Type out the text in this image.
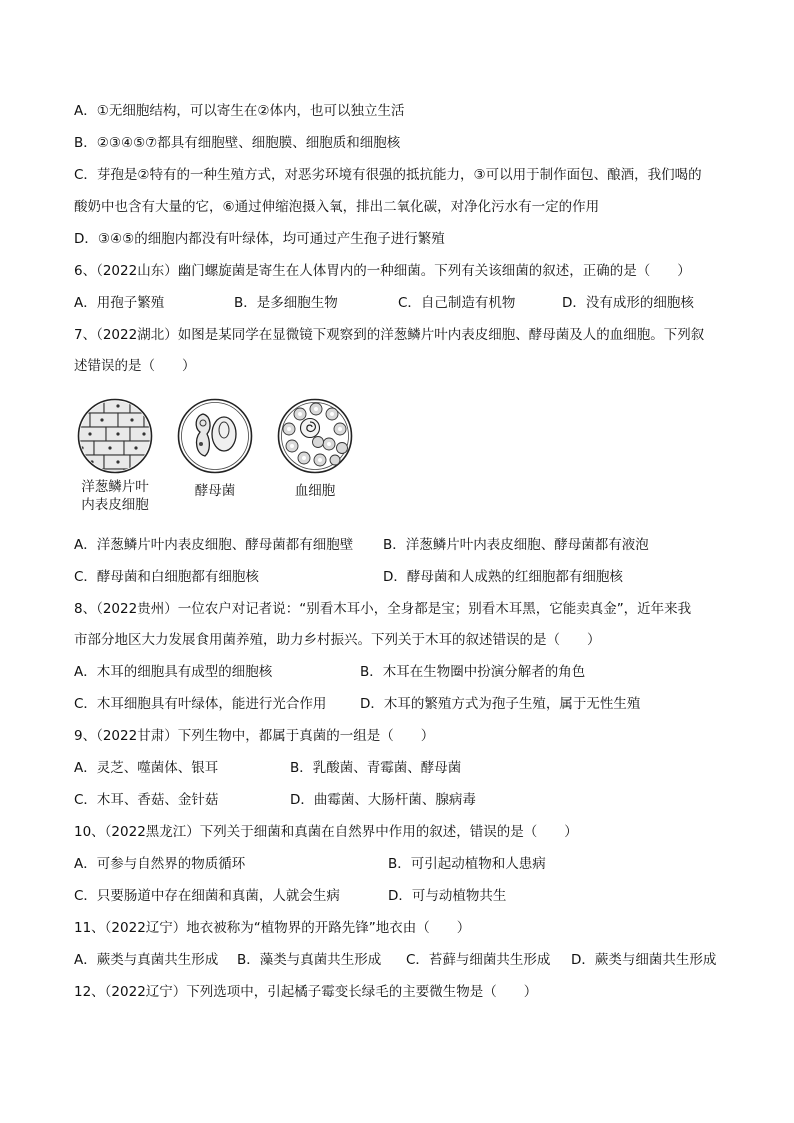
A．①无细胞结构，可以寄生在②体内，也可以独立生活
B．②③④⑤⑦都具有细胞壁、细胞膜、细胞质和细胞核
C．芽孢是②特有的一种生殖方式，对恶劣环境有很强的抵抗能力，③可以用于制作面包、酿酒，我们喝的
酸奶中也含有大量的它，⑥通过伸缩泡摄入氧，排出二氧化碳，对净化污水有一定的作用
D．③④⑤的细胞内都没有叶绿体，均可通过产生孢子进行繁殖
6、（2022山东）幽门螺旋菌是寄生在人体胃内的一种细菌。下列有关该细菌的叙述，正确的是（　　）
A．用孢子繁殖	B．是多细胞生物	C．自己制造有机物	D．没有成形的细胞核
7、（2022湖北）如图是某同学在显微镜下观察到的洋葱鳞片叶内表皮细胞、酵母菌及人的血细胞。下列叙
述错误的是（　　）
洋葱鳞片叶
内表皮细胞
酵母菌	血细胞
A．洋葱鳞片叶内表皮细胞、酵母菌都有细胞壁 B．洋葱鳞片叶内表皮细胞、酵母菌都有液泡
C．酵母菌和白细胞都有细胞核	D．酵母菌和人成熟的红细胞都有细胞核
8、（2022贵州）一位农户对记者说：“别看木耳小，全身都是宝；别看木耳黑，它能卖真金”，近年来我
市部分地区大力发展食用菌养殖，助力乡村振兴。下列关于木耳的叙述错误的是（　　）
A．木耳的细胞具有成型的细胞核	B．木耳在生物圈中扮演分解者的角色
C．木耳细胞具有叶绿体，能进行光合作用 D．木耳的繁殖方式为孢子生殖，属于无性生殖
9、（2022甘肃）下列生物中，都属于真菌的一组是（　　）
A．灵芝、噬菌体、银耳	B．乳酸菌、青霉菌、酵母菌
C．木耳、香菇、金针菇	D．曲霉菌、大肠杆菌、腺病毒
10、（2022黑龙江）下列关于细菌和真菌在自然界中作用的叙述，错误的是（　　）
A．可参与自然界的物质循环	B．可引起动植物和人患病
C．只要肠道中存在细菌和真菌，人就会生病	D．可与动植物共生
11、（2022辽宁）地衣被称为“植物界的开路先锋”地衣由（　　）
A．蕨类与真菌共生形成 B．藻类与真菌共生形成 C．苔藓与细菌共生形成 D．蕨类与细菌共生形成
12、（2022辽宁）下列选项中，引起橘子霉变长绿毛的主要微生物是（　　）
